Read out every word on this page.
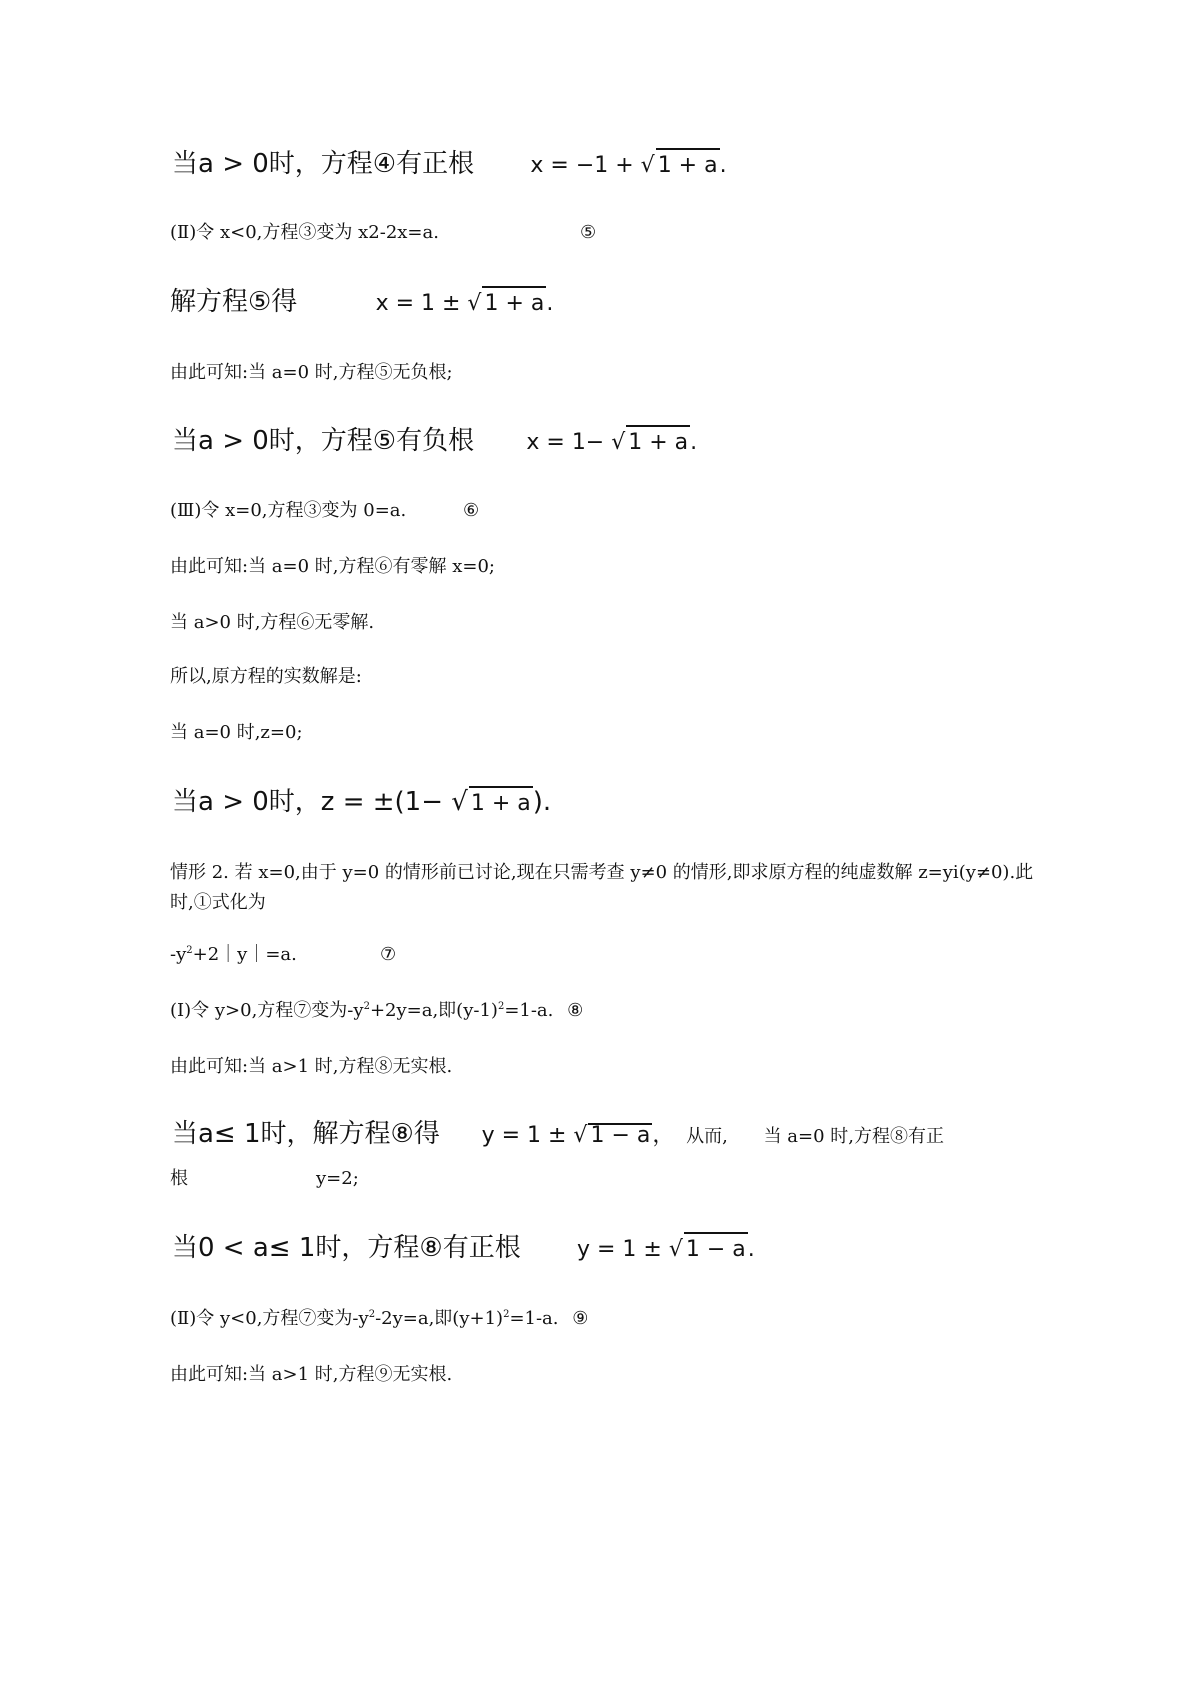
当a > 0时，方程④有正根	x = −1 + √ 1 + a.
(Ⅱ)令 x<0,方程③变为 x2-2x=a.	⑤
解方程⑤得	x = 1 ± √ 1 + a.
由此可知:当 a=0 时,方程⑤无负根;
当a > 0时，方程⑤有负根 x = 1− √ 1 + a.
(Ⅲ)令 x=0,方程③变为 0=a.	⑥
由此可知:当 a=0 时,方程⑥有零解 x=0;
当 a>0 时,方程⑥无零解.
所以,原方程的实数解是:
当 a=0 时,z=0;
当a > 0时，z = ±(1− √ 1 + a).
情形 2. 若 x=0,由于 y=0 的情形前已讨论,现在只需考查 y≠0 的情形,即求原方程的纯虚数解 z=yi(y≠0).此时,①式化为
$-y^2+2|y|=a$.	⑦
(Ⅰ)令 y>0,方程⑦变为$-y^2+2y=a$,即$(y-1)^2=1-a$. ⑧
由此可知:当 a>1 时,方程⑧无实根.
当a≤ 1时，解方程⑧得 y = 1 ± √ 1 − a， 从而, 当 a=0 时,方程⑧有正
根	y=2;
当0 < a≤ 1时，方程⑧有正根	y = 1 ± √ 1 − a.
(Ⅱ)令 y<0,方程⑦变为$-y^2-2y=a$,即$(y+1)^2=1-a$. ⑨
由此可知:当 a>1 时,方程⑨无实根.
